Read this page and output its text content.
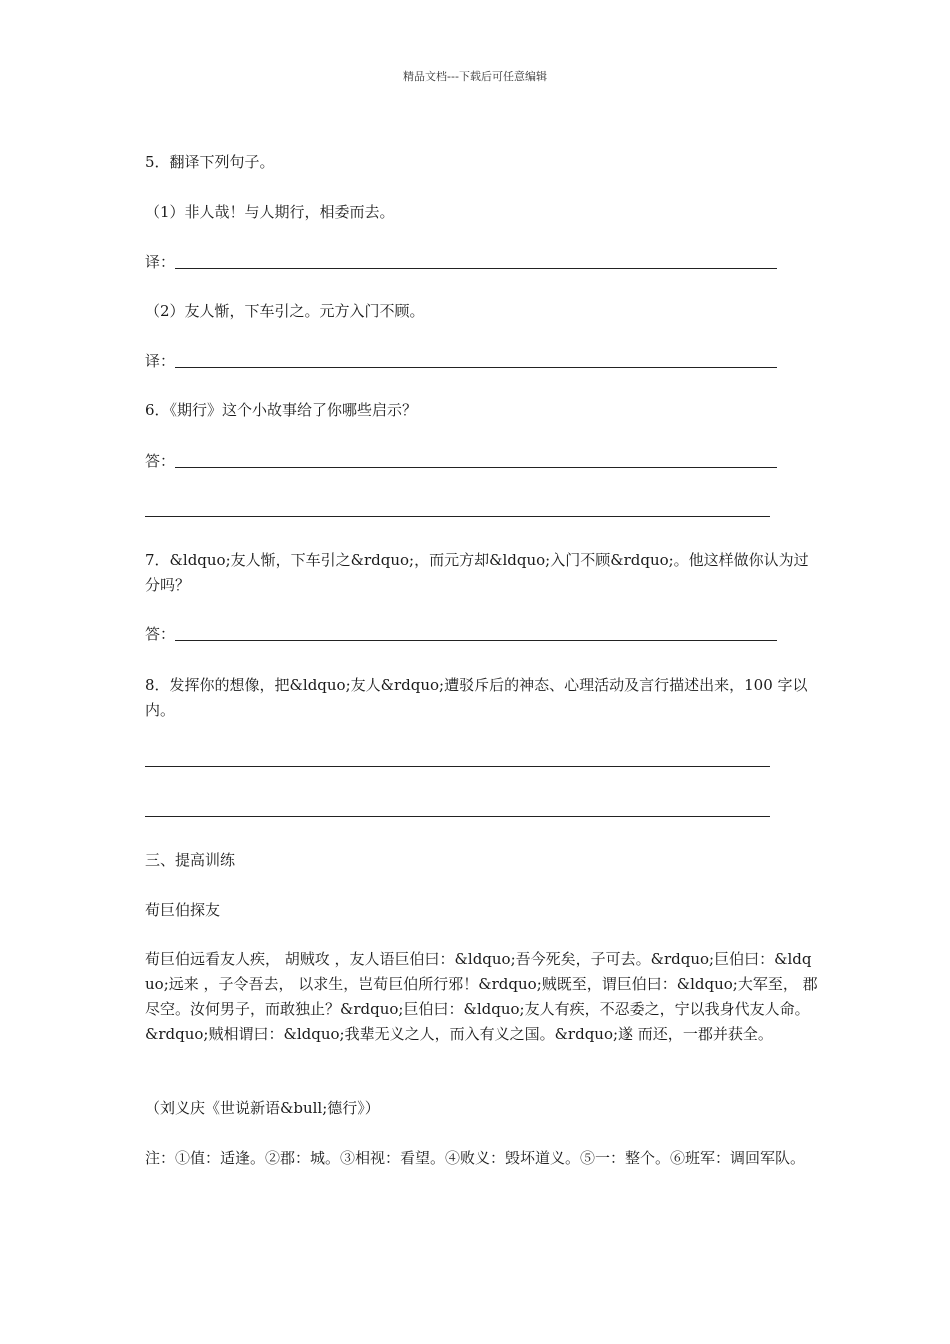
精品文档---下载后可任意编辑
5．翻译下列句子。
（1）非人哉！与人期行，相委而去。
译：
（2）友人惭，下车引之。元方入门不顾。
译：
6．《期行》这个小故事给了你哪些启示？
答：
7．&ldquo;友人惭，下车引之&rdquo;，而元方却&ldquo;入门不顾&rdquo;。他这样做你认为过分吗？
答：
8．发挥你的想像，把&ldquo;友人&rdquo;遭驳斥后的神态、心理活动及言行描述出来，100 字以内。
三、提高训练
荀巨伯探友
荀巨伯远看友人疾， 胡贼攻 ，友人语巨伯曰：&ldquo;吾今死矣，子可去。&rdquo;巨伯曰：&ldquo;远来 ，子令吾去， 以求生，岂荀巨伯所行邪！&rdquo;贼既至，谓巨伯曰：&ldquo;大军至， 郡尽空。汝何男子，而敢独止？&rdquo;巨伯曰：&ldquo;友人有疾，不忍委之，宁以我身代友人命。&rdquo;贼相谓曰：&ldquo;我辈无义之人，而入有义之国。&rdquo;遂 而还，一郡并获全。
（刘义庆《世说新语&bull;德行》）
注：①值：适逢。②郡：城。③相视：看望。④败义：毁坏道义。⑤一：整个。⑥班军：调回军队。
